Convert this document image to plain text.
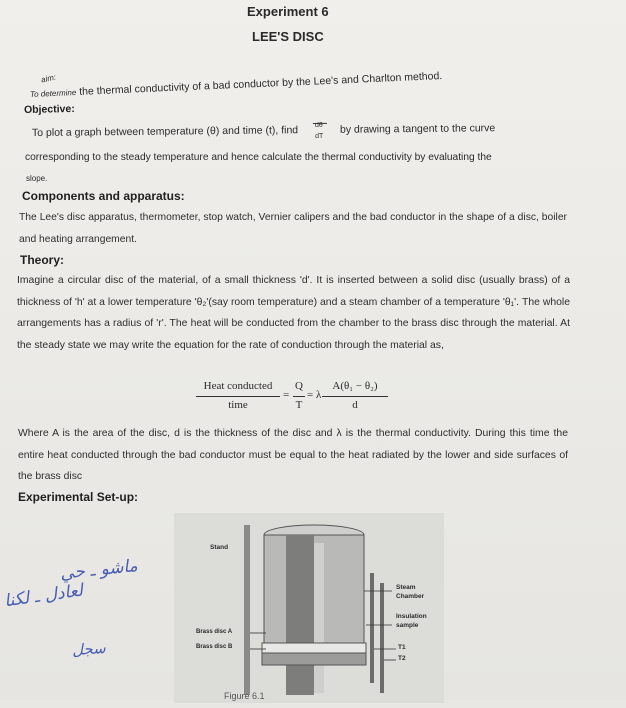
Experiment 6
LEE'S DISC
aim:
To determine the thermal conductivity of a bad conductor by the Lee's and Charlton method.
Objective:
To plot a graph between temperature (θ) and time (t), find dθ
dT
by drawing a tangent to the curve
corresponding to the steady temperature and hence calculate the thermal conductivity by evaluating the
slope.
Components and apparatus:
The Lee's disc apparatus, thermometer, stop watch, Vernier calipers and the bad conductor in the shape of a disc, boiler and heating arrangement.
Theory:
Imagine a circular disc of the material, of a small thickness 'd'. It is inserted between a solid disc (usually brass) of a thickness of 'h' at a lower temperature 'θ₂'(say room temperature) and a steam chamber of a temperature 'θ₁'. The whole arrangements has a radius of 'r'. The heat will be conducted from the chamber to the brass disc through the material. At the steady state we may write the equation for the rate of conduction through the material as,
Heat conducted
time
=
Q
T
= λ
A(θ₁ − θ₂)
d
Where A is the area of the disc, d is the thickness of the disc and λ is the thermal conductivity. During this time the entire heat conducted through the bad conductor must be equal to the heat radiated by the lower and side surfaces of the brass disc
Experimental Set-up:
Stand
Steam
Chamber
Insulation
sample
T1
T2
Brass disc A
Brass disc B
Figure 6.1
ماشو ـ حي
لعادل ـ لكنا
سجل
